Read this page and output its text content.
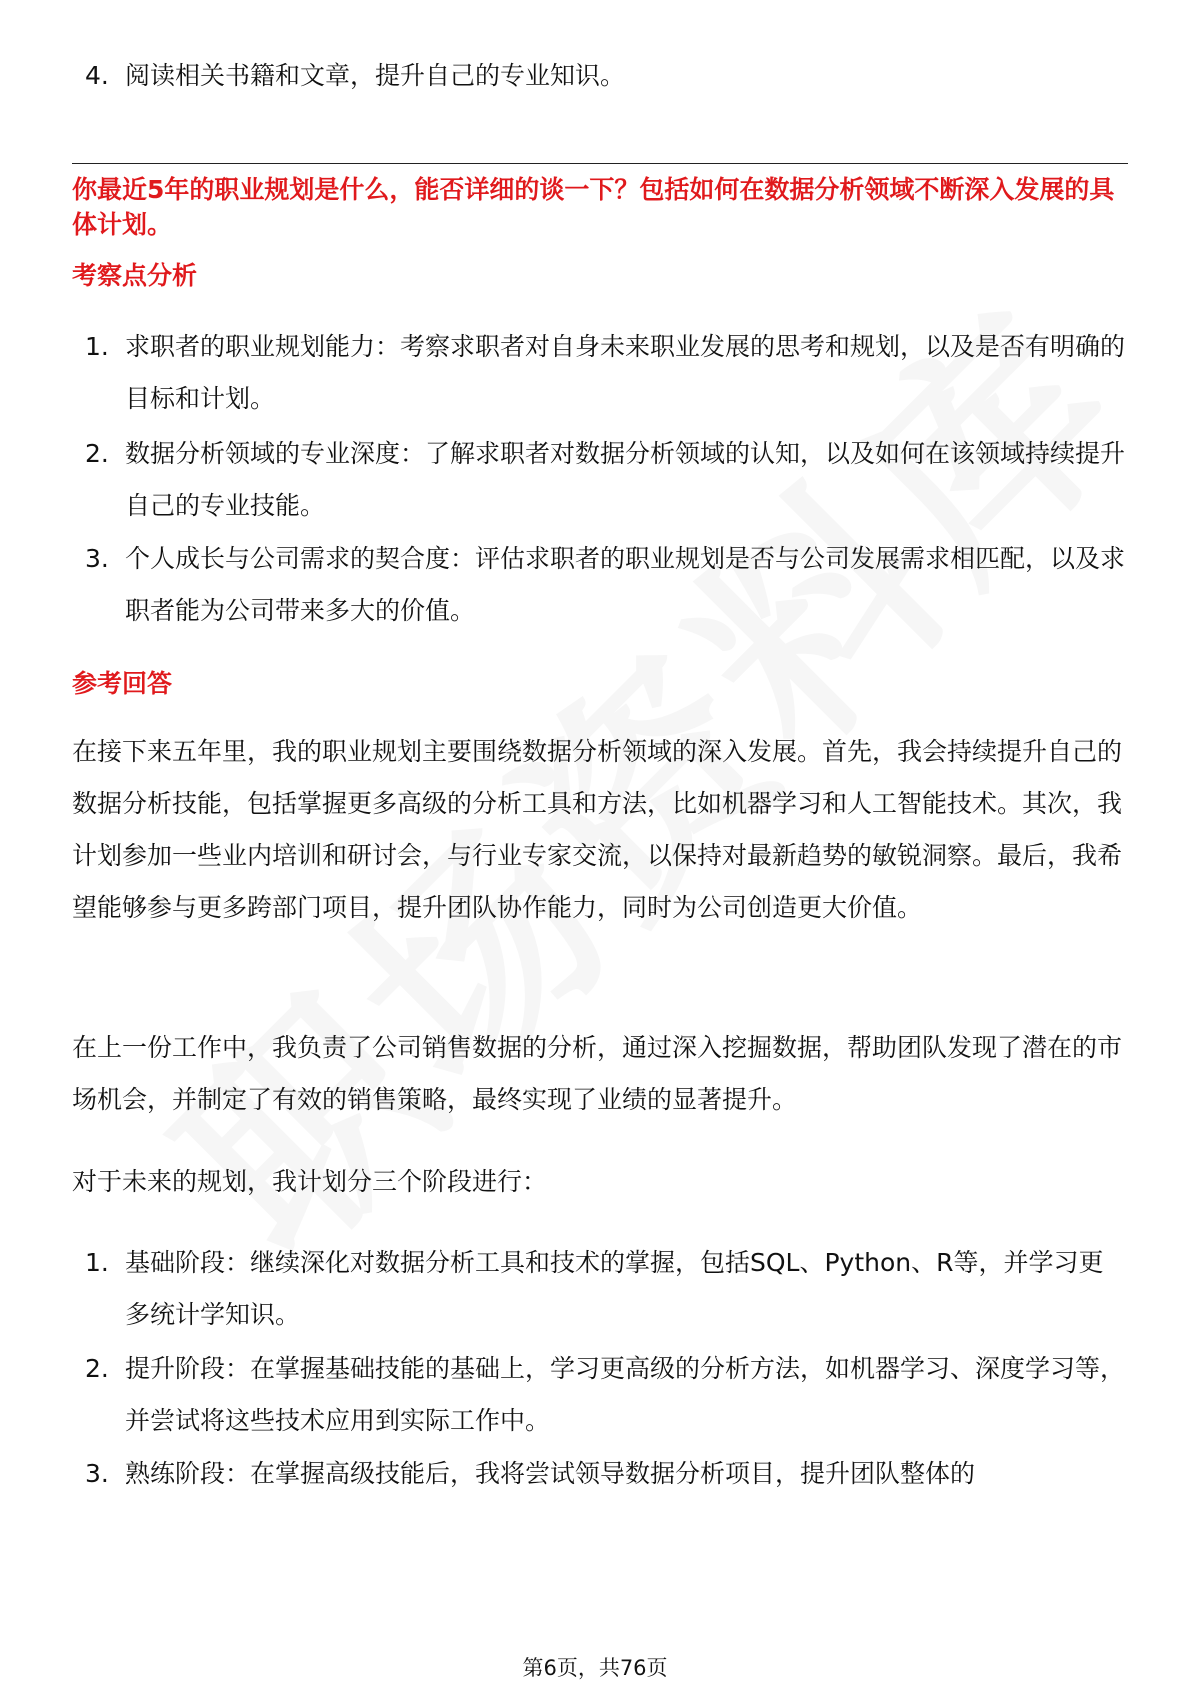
4. 阅读相关书籍和文章，提升自己的专业知识。
你最近5年的职业规划是什么，能否详细的谈一下？包括如何在数据分析领域不断深入发展的具体计划。
考察点分析
1. 求职者的职业规划能力：考察求职者对自身未来职业发展的思考和规划，以及是否有明确的目标和计划。
2. 数据分析领域的专业深度：了解求职者对数据分析领域的认知，以及如何在该领域持续提升自己的专业技能。
3. 个人成长与公司需求的契合度：评估求职者的职业规划是否与公司发展需求相匹配，以及求职者能为公司带来多大的价值。
参考回答
在接下来五年里，我的职业规划主要围绕数据分析领域的深入发展。首先，我会持续提升自己的数据分析技能，包括掌握更多高级的分析工具和方法，比如机器学习和人工智能技术。其次，我计划参加一些业内培训和研讨会，与行业专家交流，以保持对最新趋势的敏锐洞察。最后，我希望能够参与更多跨部门项目，提升团队协作能力，同时为公司创造更大价值。
在上一份工作中，我负责了公司销售数据的分析，通过深入挖掘数据，帮助团队发现了潜在的市场机会，并制定了有效的销售策略，最终实现了业绩的显著提升。
对于未来的规划，我计划分三个阶段进行：
1. 基础阶段：继续深化对数据分析工具和技术的掌握，包括SQL、Python、R等，并学习更多统计学知识。
2. 提升阶段：在掌握基础技能的基础上，学习更高级的分析方法，如机器学习、深度学习等，并尝试将这些技术应用到实际工作中。
3. 熟练阶段：在掌握高级技能后，我将尝试领导数据分析项目，提升团队整体的
第6页，共76页
